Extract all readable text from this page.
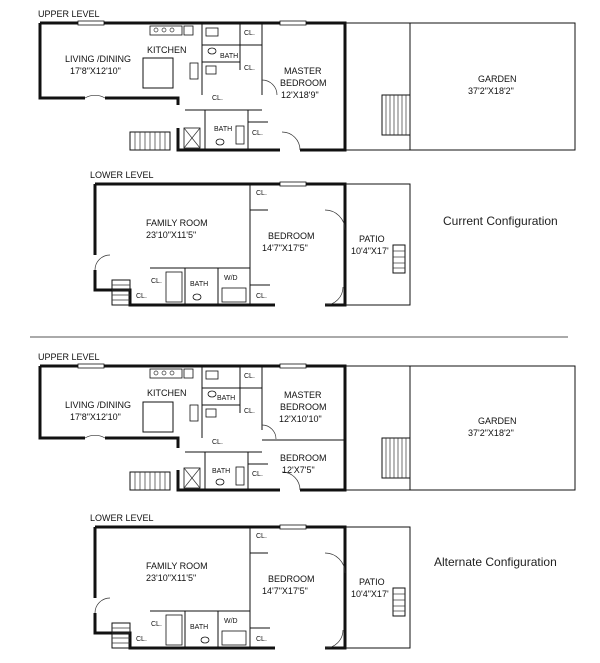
UPPER LEVEL
LIVING /DINING
17'8"X12'10"
KITCHEN
BATH
BATH
CL.
CL.
CL.
CL.
MASTER
BEDROOM
12'X18'9"
GARDEN
37'2"X18'2"
LOWER LEVEL
FAMILY ROOM
23'10"X11'5"	BEDROOM
14'7"X17'5"
PATIO
10'4"X17'
BATH
W/D
CL.
CL.
CL.	CL.
Current Configuration
UPPER LEVEL
LIVING /DINING
17'8"X12'10"
KITCHEN
BATH
BATH
CL.
CL.
CL.
CL.
MASTER
BEDROOM
12'X10'10"
BEDROOM
12'X7'5"
GARDEN
37'2"X18'2"
LOWER LEVEL
FAMILY ROOM
23'10"X11'5"	BEDROOM
14'7"X17'5"
PATIO
10'4"X17'
BATH
W/D
CL.
CL.
CL.	CL.
Alternate Configuration
